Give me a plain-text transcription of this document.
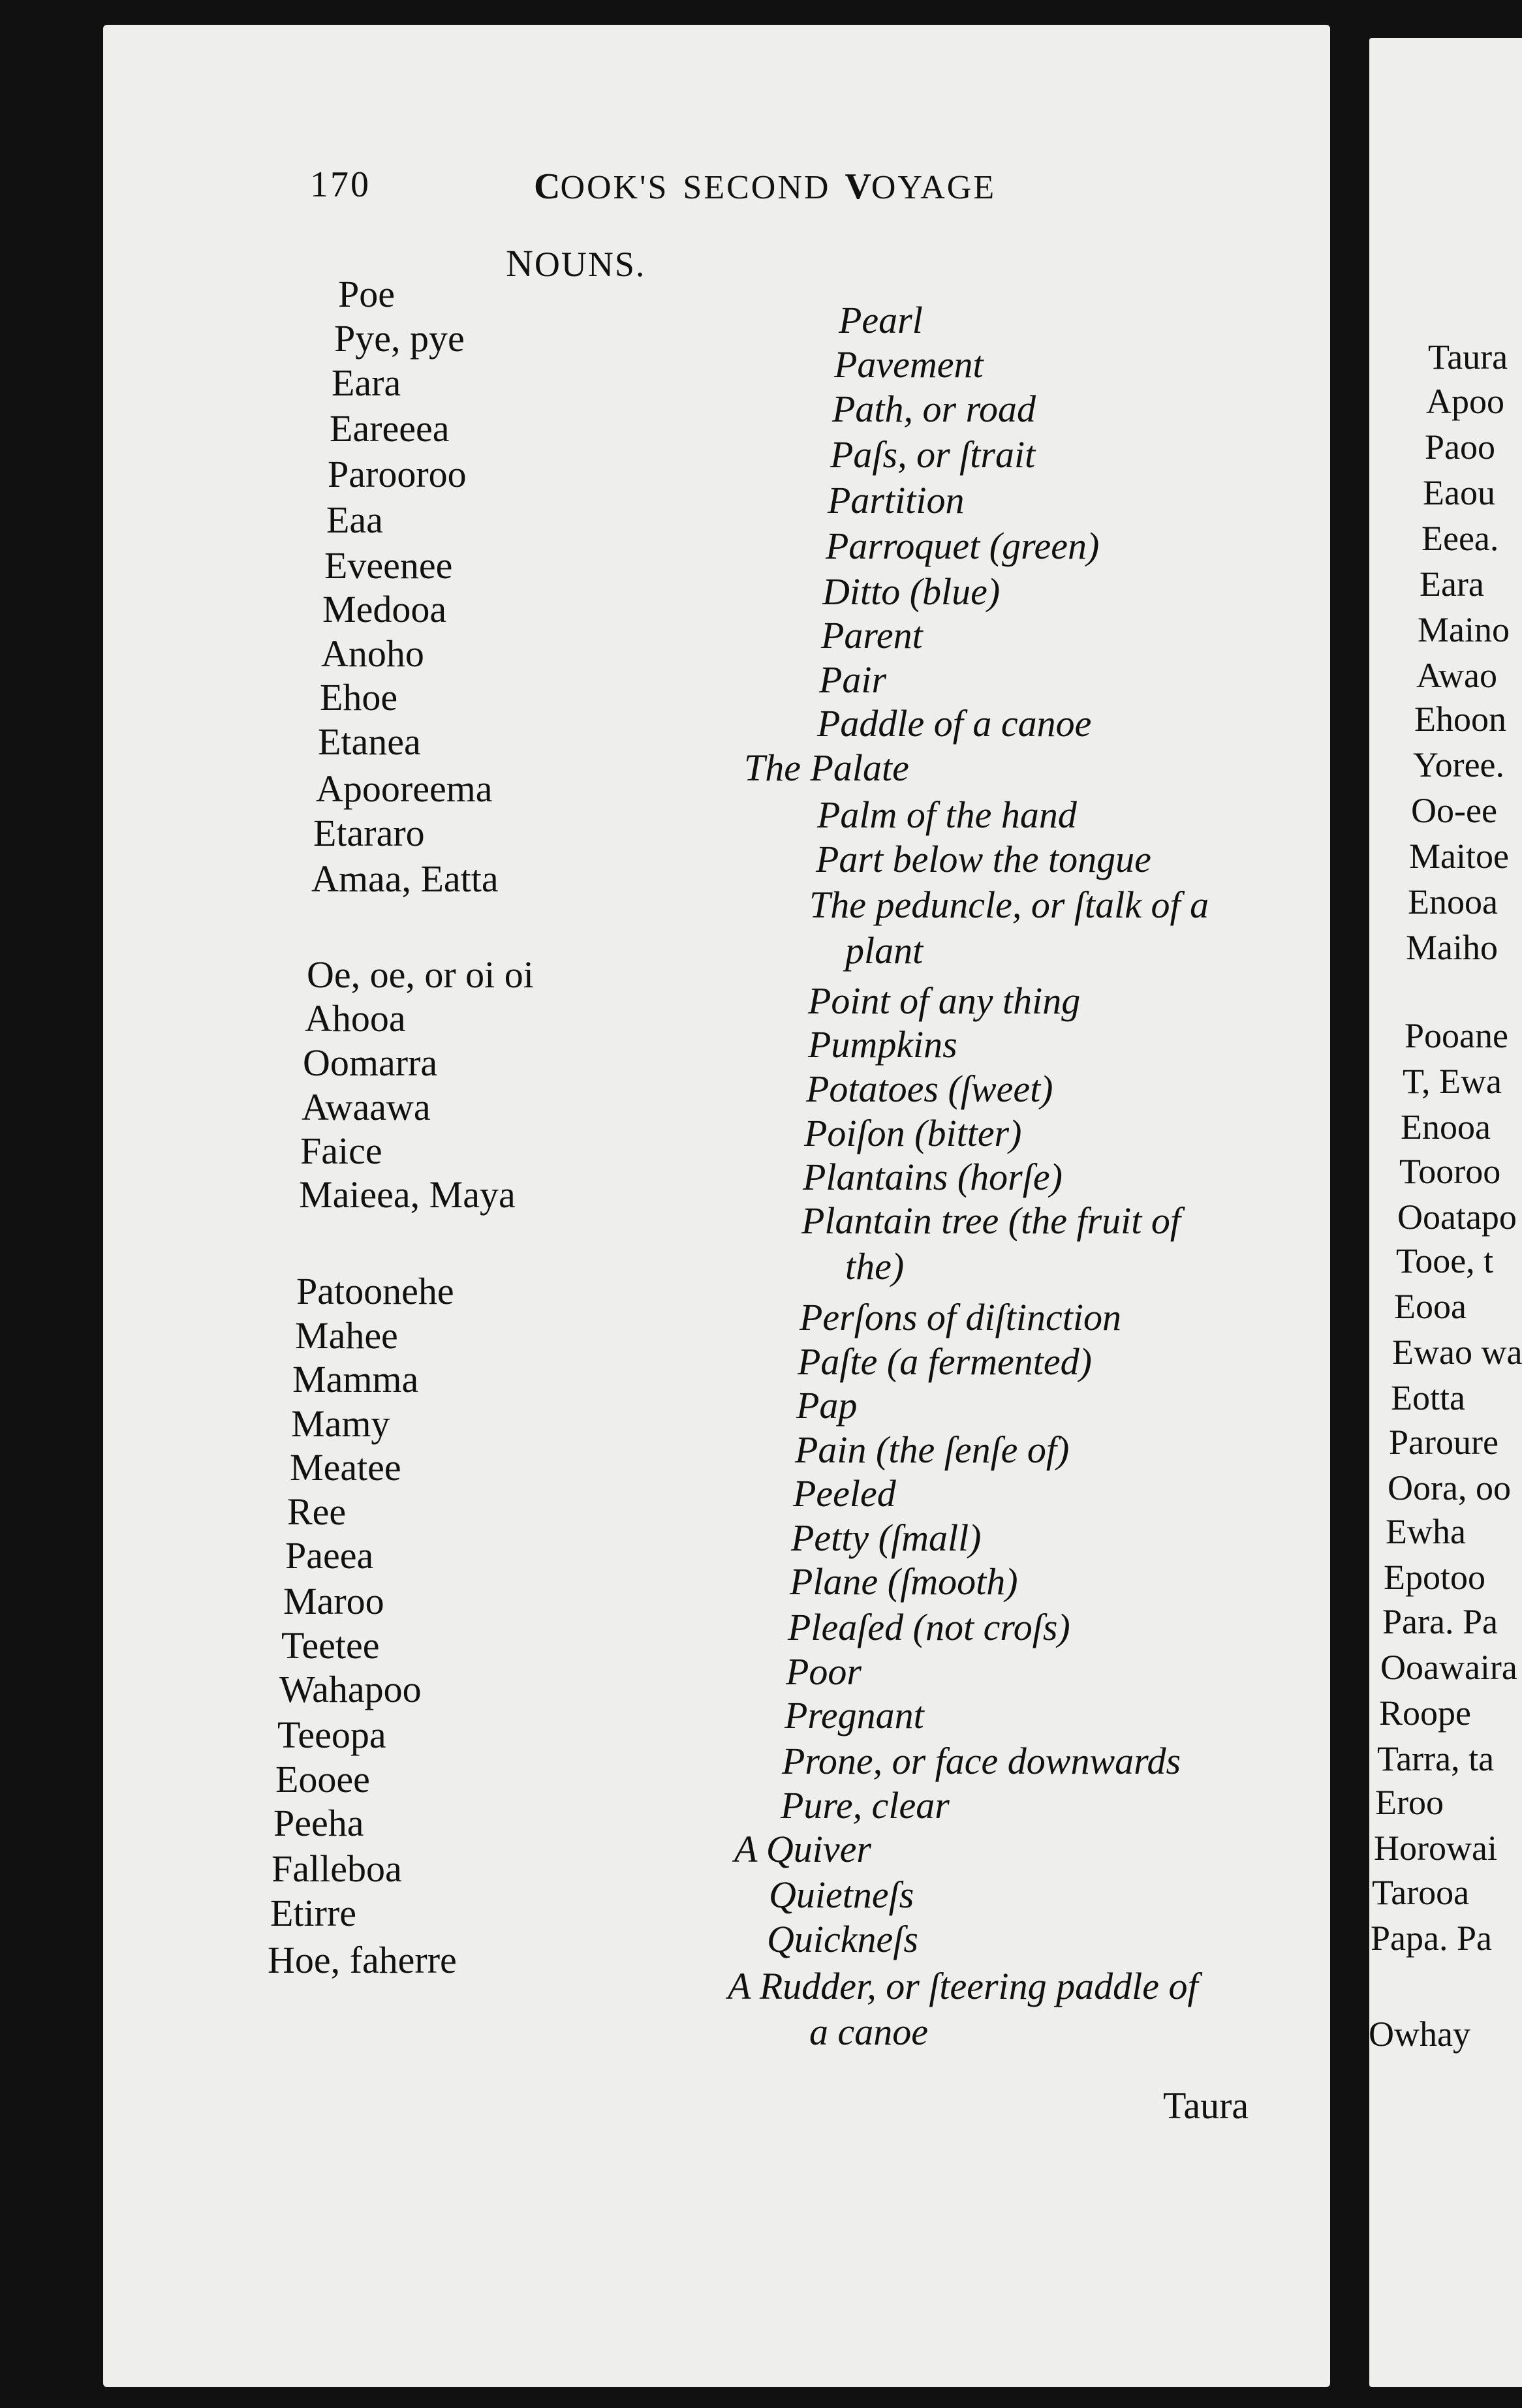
170	COOK'S SECOND VOYAGE
NOUNS.
Poe
Pearl
Pye, pye
Pavement
Eara
Path, or road
Eareeea
Paſs, or ſtrait
Parooroo
Partition
Eaa
Parroquet (green)
Eveenee
Ditto (blue)
Medooa
Parent
Anoho
Pair
Ehoe
Paddle of a canoe
Etanea
The Palate
Apooreema
Palm of the hand
Etararo
Part below the tongue
Amaa, Eatta
The peduncle, or ſtalk of a
plant
Oe, oe, or oi oi
Point of any thing
Ahooa
Pumpkins
Oomarra
Potatoes (ſweet)
Awaawa
Poiſon (bitter)
Faice
Plantains (horſe)
Maieea, Maya
Plantain tree (the fruit of
the)
Patoonehe
Perſons of diſtinction
Mahee
Paſte (a fermented)
Mamma
Pap
Mamy
Pain (the ſenſe of)
Meatee
Peeled
Ree
Petty (ſmall)
Paeea
Plane (ſmooth)
Maroo
Pleaſed (not croſs)
Teetee
Poor
Wahapoo
Pregnant
Teeopa
Prone, or face downwards
Eooee
Pure, clear
Peeha
A Quiver
Falleboa
Quietneſs
Etirre
Quickneſs
Hoe, faherre
A Rudder, or ſteering paddle of
a canoe
Taura
Taura
Apoo
Paoo
Eaou
Eeea.
Eara
Maino
Awao
Ehoon
Yoree.
Oo-ee
Maitoe
Enooa
Maiho
Pooane
T, Ewa
Enooa
Tooroo
Ooatapo
Tooe, t
Eooa
Ewao wa
Eotta
Paroure
Oora, oo
Ewha
Epotoo
Para. Pa
Ooawaira
Roope
Tarra, ta
Eroo
Horowai
Tarooa
Papa. Pa
Owhay
